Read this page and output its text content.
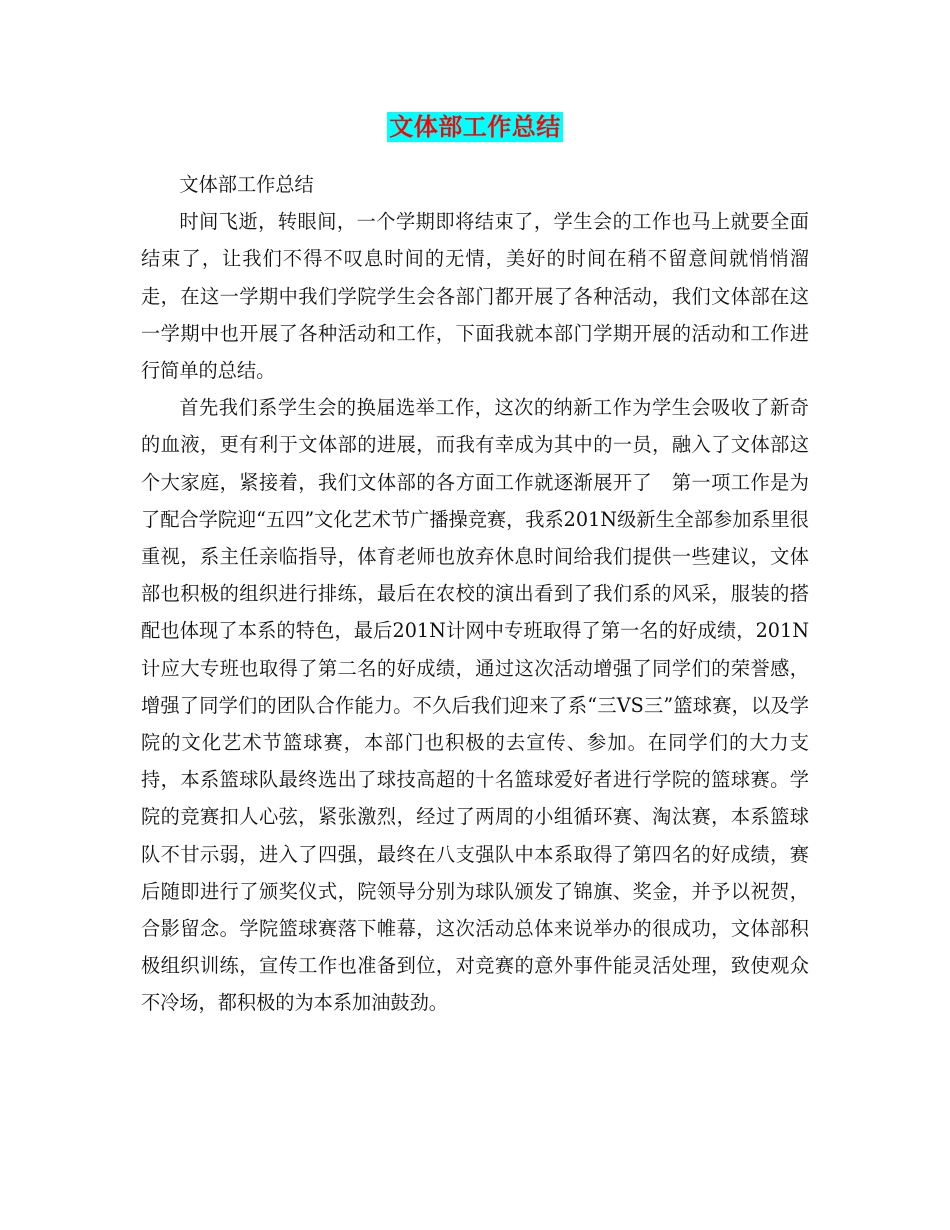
文体部工作总结

文体部工作总结

时间飞逝，转眼间，一个学期即将结束了，学生会的工作也马上就要全面结束了，让我们不得不叹息时间的无情，美好的时间在稍不留意间就悄悄溜走，在这一学期中我们学院学生会各部门都开展了各种活动，我们文体部在这一学期中也开展了各种活动和工作，下面我就本部门学期开展的活动和工作进行简单的总结。

首先我们系学生会的换届选举工作，这次的纳新工作为学生会吸收了新奇的血液，更有利于文体部的进展，而我有幸成为其中的一员，融入了文体部这个大家庭，紧接着，我们文体部的各方面工作就逐渐展开了　第一项工作是为了配合学院迎“五四”文化艺术节广播操竞赛，我系201N级新生全部参加系里很重视，系主任亲临指导，体育老师也放弃休息时间给我们提供一些建议，文体部也积极的组织进行排练，最后在农校的演出看到了我们系的风采，服装的搭配也体现了本系的特色，最后201N计网中专班取得了第一名的好成绩，201N计应大专班也取得了第二名的好成绩，通过这次活动增强了同学们的荣誉感，增强了同学们的团队合作能力。不久后我们迎来了系“三VS三”篮球赛，以及学院的文化艺术节篮球赛，本部门也积极的去宣传、参加。在同学们的大力支持，本系篮球队最终选出了球技高超的十名篮球爱好者进行学院的篮球赛。学院的竞赛扣人心弦，紧张激烈，经过了两周的小组循环赛、淘汰赛，本系篮球队不甘示弱，进入了四强，最终在八支强队中本系取得了第四名的好成绩，赛后随即进行了颁奖仪式，院领导分别为球队颁发了锦旗、奖金，并予以祝贺，合影留念。学院篮球赛落下帷幕，这次活动总体来说举办的很成功，文体部积极组织训练，宣传工作也准备到位，对竞赛的意外事件能灵活处理，致使观众不冷场，都积极的为本系加油鼓劲。
